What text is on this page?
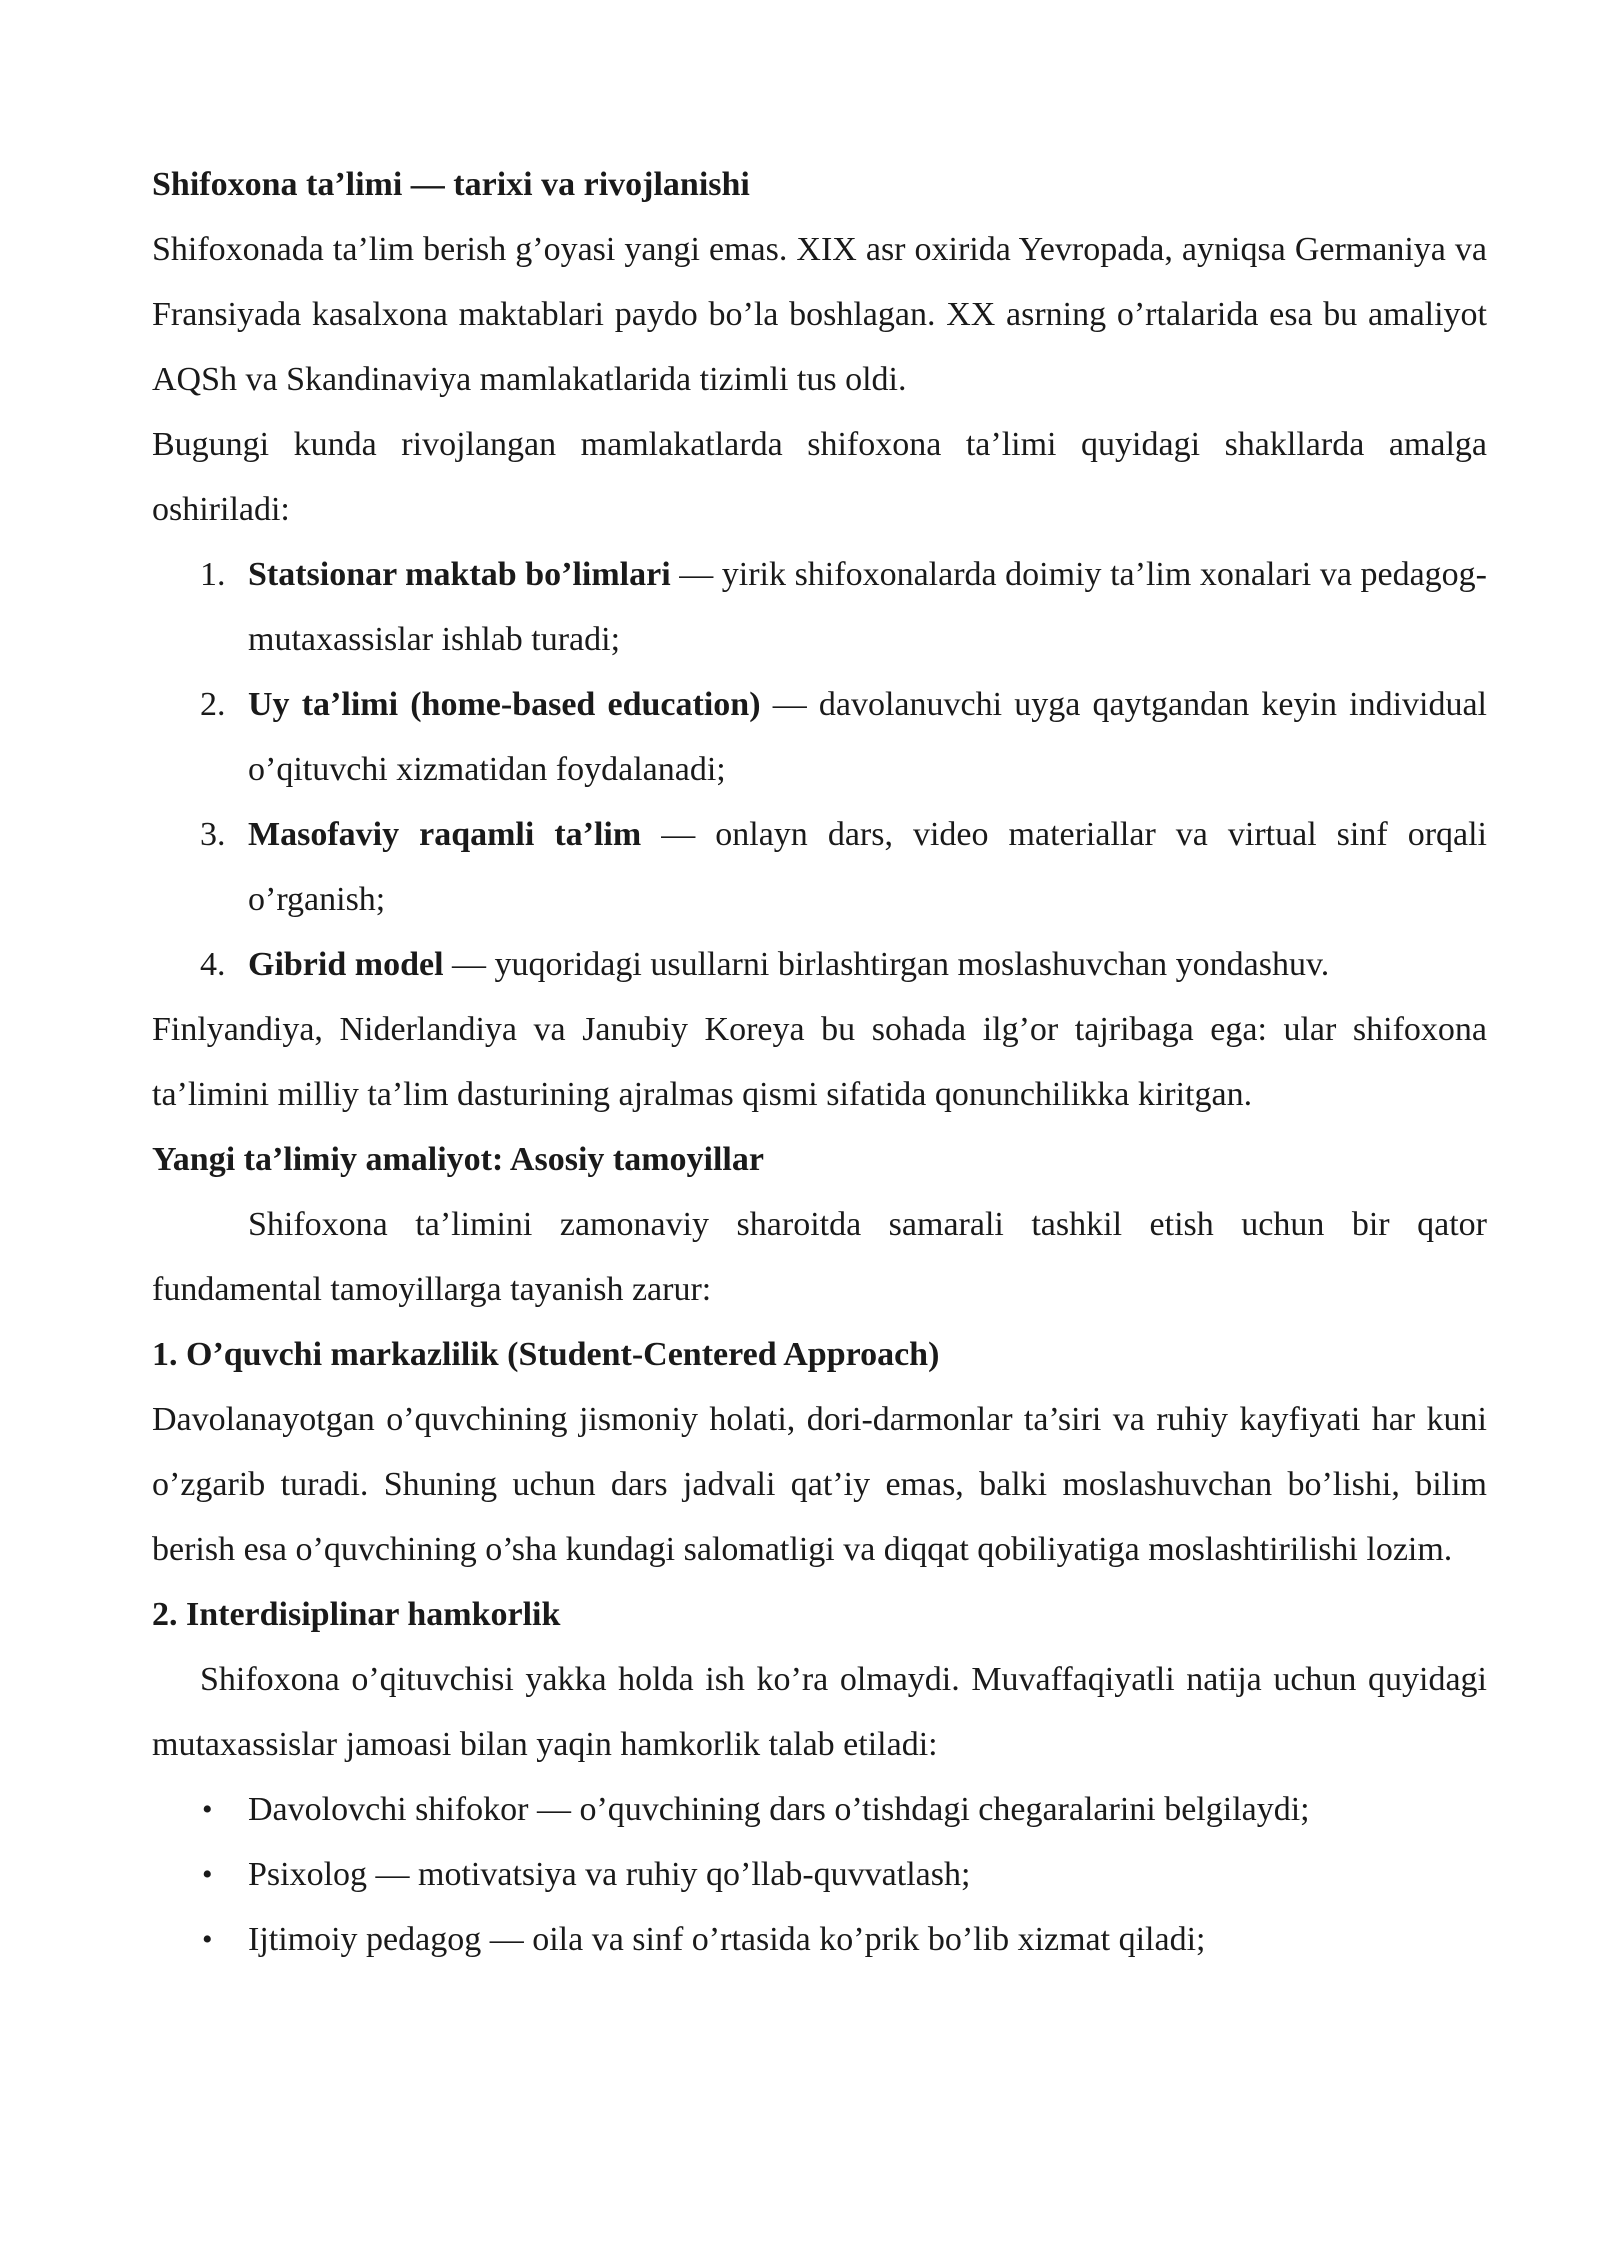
Shifoxona ta’limi — tarixi va rivojlanishi

Shifoxonada ta’lim berish g’oyasi yangi emas. XIX asr oxirida Yevropada, ayniqsa Germaniya va Fransiyada kasalxona maktablari paydo bo’la boshlagan. XX asrning o’rtalarida esa bu amaliyot AQSh va Skandinaviya mamlakatlarida tizimli tus oldi.

Bugungi kunda rivojlangan mamlakatlarda shifoxona ta’limi quyidagi shakllarda amalga oshiriladi:

1. Statsionar maktab bo’limlari — yirik shifoxonalarda doimiy ta’lim xonalari va pedagog-mutaxassislar ishlab turadi;
2. Uy ta’limi (home-based education) — davolanuvchi uyga qaytgandan keyin individual o’qituvchi xizmatidan foydalanadi;
3. Masofaviy raqamli ta’lim — onlayn dars, video materiallar va virtual sinf orqali o’rganish;
4. Gibrid model — yuqoridagi usullarni birlashtirgan moslashuvchan yondashuv.

Finlyandiya, Niderlandiya va Janubiy Koreya bu sohada ilg’or tajribaga ega: ular shifoxona ta’limini milliy ta’lim dasturining ajralmas qismi sifatida qonunchilikka kiritgan.

Yangi ta’limiy amaliyot: Asosiy tamoyillar

Shifoxona ta’limini zamonaviy sharoitda samarali tashkil etish uchun bir qator fundamental tamoyillarga tayanish zarur:

1. O’quvchi markazlilik (Student-Centered Approach)

Davolanayotgan o’quvchining jismoniy holati, dori-darmonlar ta’siri va ruhiy kayfiyati har kuni o’zgarib turadi. Shuning uchun dars jadvali qat’iy emas, balki moslashuvchan bo’lishi, bilim berish esa o’quvchining o’sha kundagi salomatligi va diqqat qobiliyatiga moslashtirilishi lozim.

2. Interdisiplinar hamkorlik

Shifoxona o’qituvchisi yakka holda ish ko’ra olmaydi. Muvaffaqiyatli natija uchun quyidagi mutaxassislar jamoasi bilan yaqin hamkorlik talab etiladi:

• Davolovchi shifokor — o’quvchining dars o’tishdagi chegaralarini belgilaydi;
• Psixolog — motivatsiya va ruhiy qo’llab-quvvatlash;
• Ijtimoiy pedagog — oila va sinf o’rtasida ko’prik bo’lib xizmat qiladi;
